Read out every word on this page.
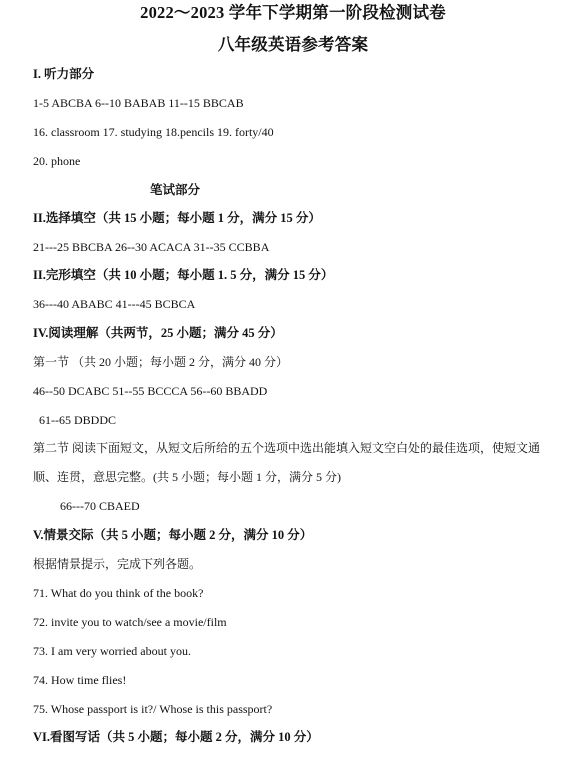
2022～2023 学年下学期第一阶段检测试卷
八年级英语参考答案
I. 听力部分
1-5 ABCBA 6--10 BABAB 11--15 BBCAB
16. classroom 17. studying 18.pencils 19. forty/40
20. phone
笔试部分
II.选择填空（共 15 小题；每小题 1 分，满分 15 分）
21---25 BBCBA 26--30 ACACA 31--35 CCBBA
II.完形填空（共 10 小题；每小题 1. 5 分，满分 15 分）
36---40 ABABC 41---45 BCBCA
IV.阅读理解（共两节，25 小题；满分 45 分）
第一节 （共 20 小题；每小题 2 分，满分 40 分）
46--50 DCABC 51--55 BCCCA 56--60 BBADD
61--65 DBDDC
第二节 阅读下面短文，从短文后所给的五个选项中选出能填入短文空白处的最佳选项，使短文通顺、连贯，意思完整。(共 5 小题；每小题 1 分，满分 5 分)
66---70 CBAED
V.情景交际（共 5 小题；每小题 2 分，满分 10 分）
根据情景提示，完成下列各题。
71. What do you think of the book?
72. invite you to watch/see a movie/film
73. I am very worried about you.
74. How time flies!
75. Whose passport is it?/ Whose is this passport?
VI.看图写话（共 5 小题；每小题 2 分，满分 10 分）
